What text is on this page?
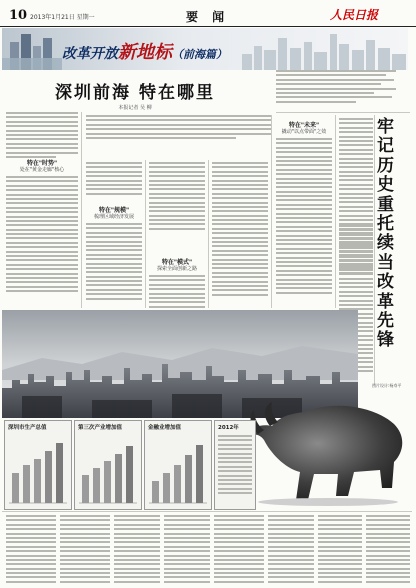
10 2013年1月21日 星期一	要 闻	人民日报
改革开放新地标（前海篇）
深圳前海 特在哪里
本报记者 吴 柳
特在"时势"
处在"黄金走廊"核心
特在"规模"
梳理区域经济发展
特在"模式"
探索全面创新之路
特在"未来"
撬动"以点带面"之效	牢记历史重托 续当改革先锋
图片设计:杨寿平
深圳市生产总值	第三次产业增加值	金融业增加值	2012年
